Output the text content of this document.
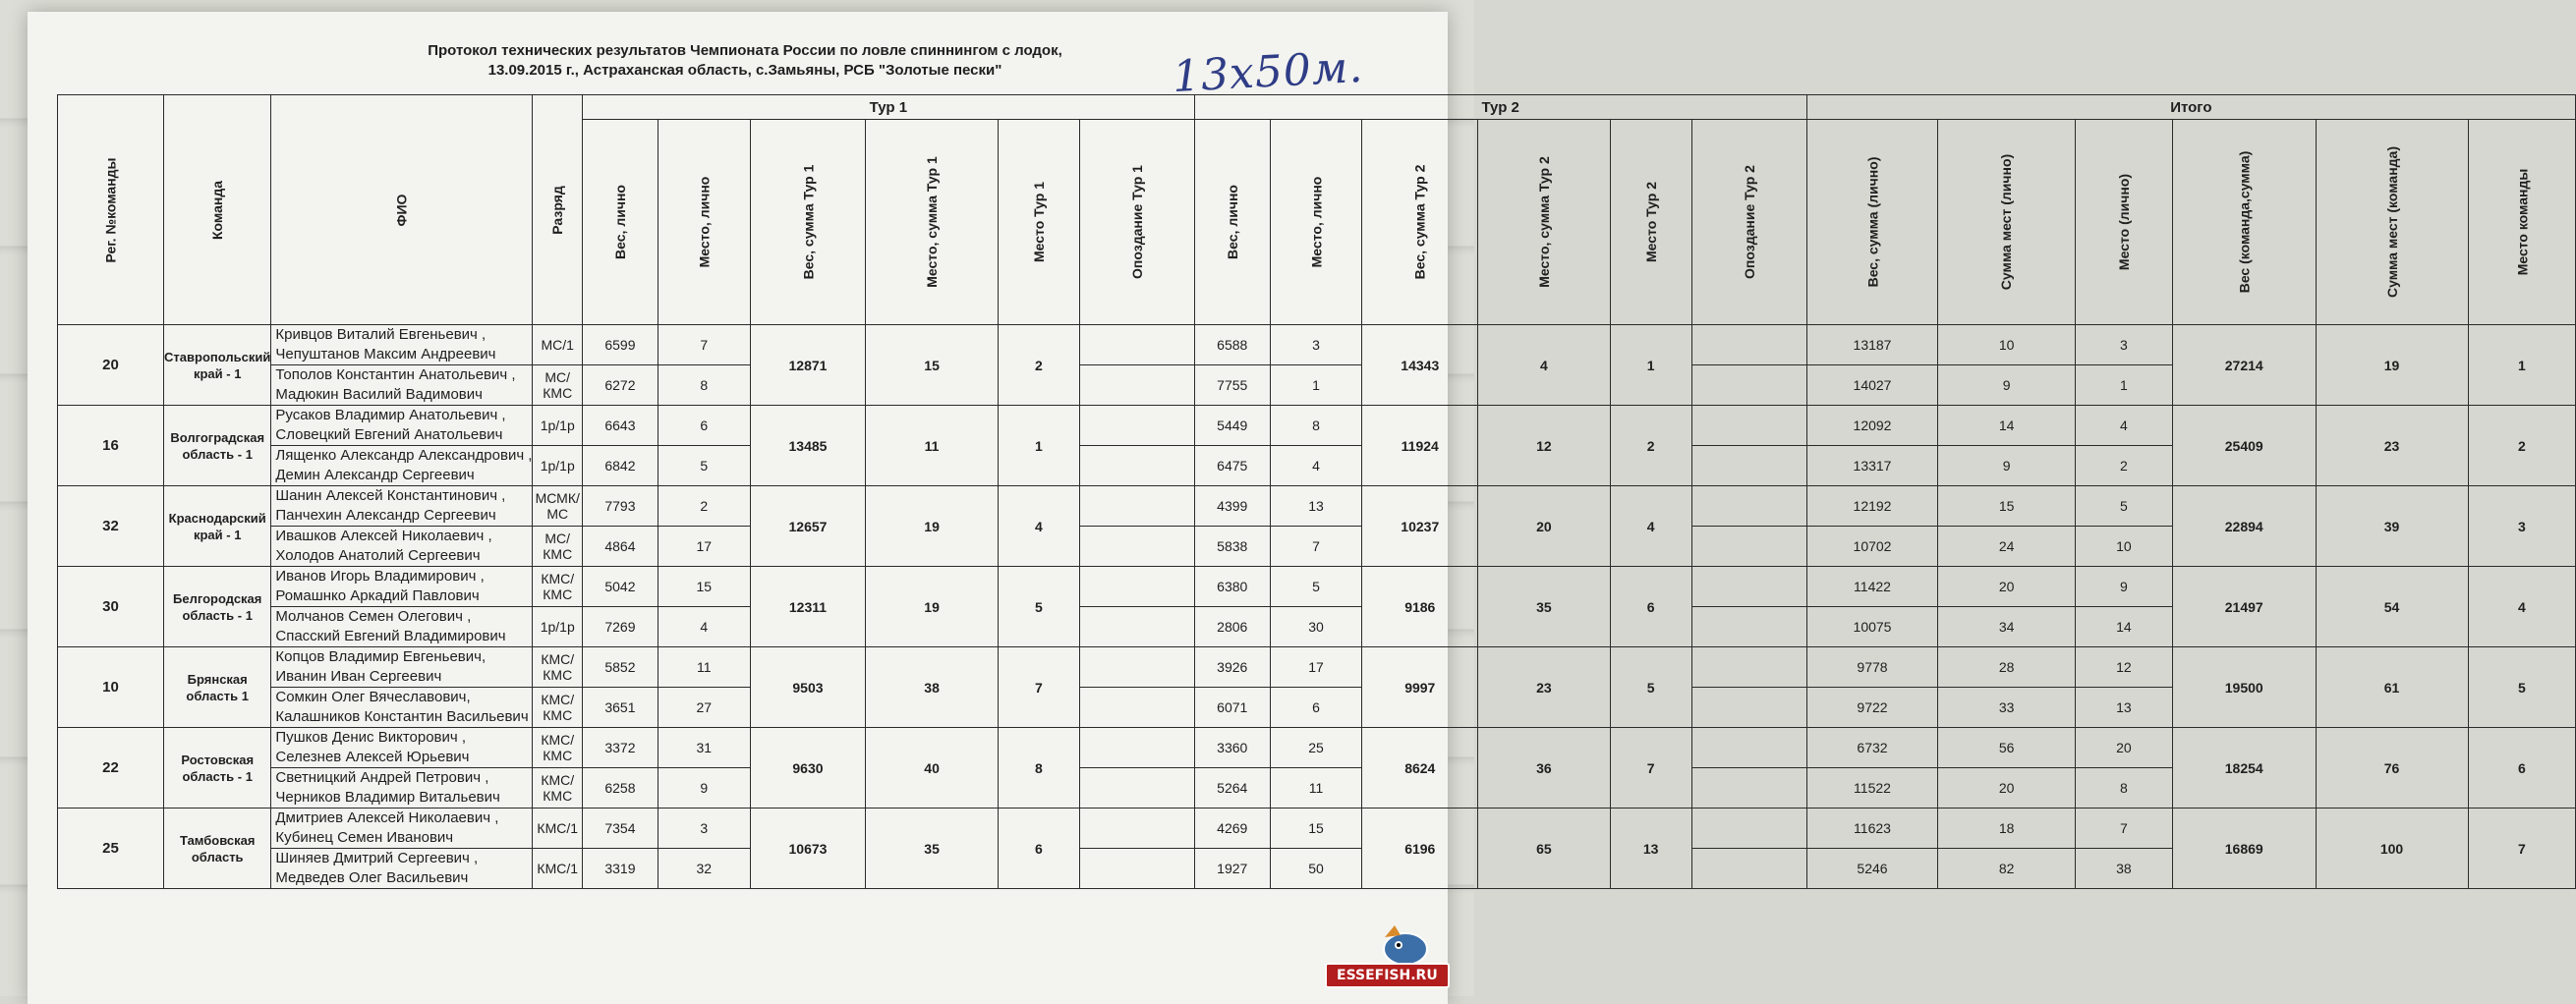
Протокол технических результатов Чемпионата России по ловле спиннингом с лодок,
13.09.2015 г., Астраханская область, с.Замьяны, РСБ "Золотые пески"	13х50м.
Рег. №команды	Команда	ФИО	Разряд	Тур 1						Тур 2						Итого					
				Вес, лично	Место, лично	Вес, сумма Тур 1	Место, сумма Тур 1	Место Тур 1	Опоздание Тур 1	Вес, лично	Место, лично	Вес, сумма Тур 2	Место, сумма Тур 2	Место Тур 2	Опоздание Тур 2	Вес, сумма (лично)	Сумма мест (лично)	Место (лично)	Вес (команда,сумма)	Сумма мест (команда)	Место команды
20	Ставропольский край - 1	Кривцов Виталий Евгеньевич ,
Чепуштанов Максим Андреевич	МС/1	6599	7	12871	15	2		6588	3	14343	4	1		13187	10	3	27214	19	1

		Тополов Константин Анатольевич ,
Мадюкин Василий Вадимович	МС/КМС	6272	8					7755	1					14027	9	1			
16	Волгоградская область - 1	Русаков Владимир Анатольевич ,
Словецкий Евгений Анатольевич	1р/1р	6643	6	13485	11	1		5449	8	11924	12	2		12092	14	4	25409	23	2

		Лященко Александр Александрович ,
Демин Александр Сергеевич	1р/1р	6842	5					6475	4					13317	9	2			
32	Краснодарский край - 1	Шанин Алексей Константинович ,
Панчехин Александр Сергеевич	МСМК/МС	7793	2	12657	19	4		4399	13	10237	20	4		12192	15	5	22894	39	3

		Ивашков Алексей Николаевич ,
Холодов Анатолий Сергеевич	МС/КМС	4864	17					5838	7					10702	24	10			
30	Белгородская область - 1	Иванов Игорь Владимирович ,
Ромашнко Аркадий Павлович	КМС/КМС	5042	15	12311	19	5		6380	5	9186	35	6		11422	20	9	21497	54	4

		Молчанов Семен Олегович ,
Спасский Евгений Владимирович	1р/1р	7269	4					2806	30					10075	34	14			
10	Брянская область 1	Копцов Владимир Евгеньевич,
Иванин Иван Сергеевич	КМС/КМС	5852	11	9503	38	7		3926	17	9997	23	5		9778	28	12	19500	61	5

		Сомкин Олег Вячеславович,
Калашников Константин Васильевич	КМС/КМС	3651	27					6071	6					9722	33	13			
22	Ростовская область - 1	Пушков Денис Викторович ,
Селезнев Алексей Юрьевич	КМС/КМС	3372	31	9630	40	8		3360	25	8624	36	7		6732	56	20	18254	76	6

		Светницкий Андрей Петрович ,
Черников Владимир Витальевич	КМС/КМС	6258	9					5264	11					11522	20	8			
25	Тамбовская область	Дмитриев Алексей Николаевич ,
Кубинец Семен Иванович	КМС/1	7354	3	10673	35	6		4269	15	6196	65	13		11623	18	7	16869	100	7

		Шиняев Дмитрий Сергеевич ,
Медведев Олег Васильевич	КМС/1	3319	32					1927	50					5246	82	38			
ESSEFISH.RU
